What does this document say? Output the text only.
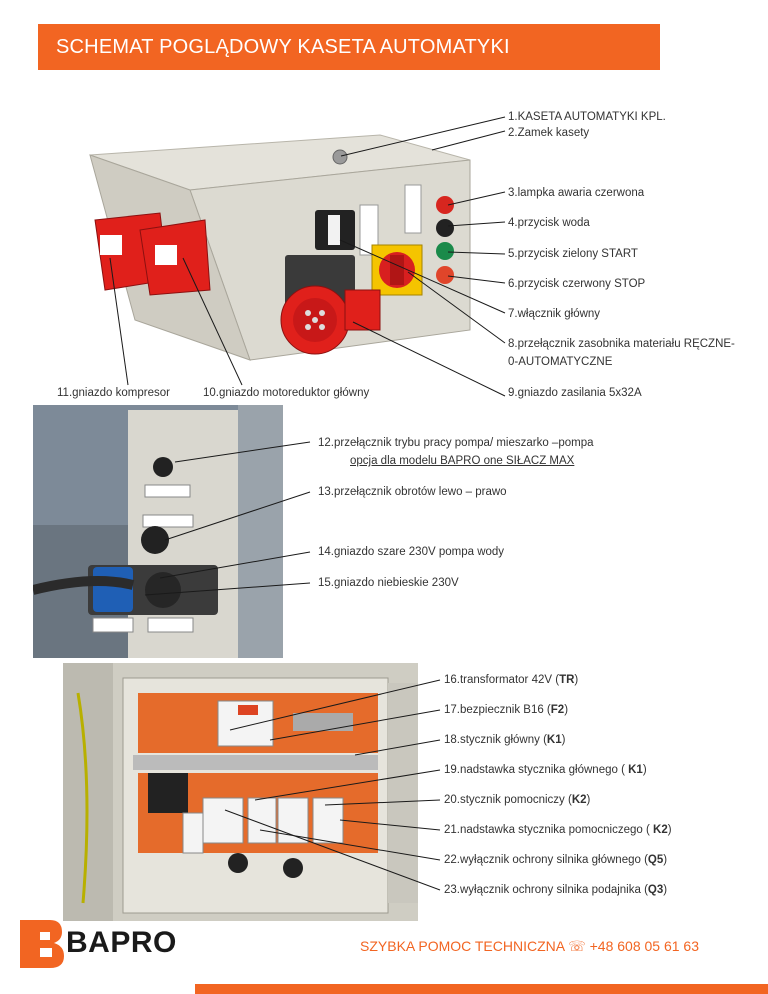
SCHEMAT POGLĄDOWY KASETA AUTOMATYKI
1.KASETA AUTOMATYKI KPL.
2.Zamek kasety
3.lampka awaria czerwona
4.przycisk woda
5.przycisk zielony START
6.przycisk czerwony STOP
7.włącznik główny
8.przełącznik zasobnika materiału RĘCZNE-
0-AUTOMATYCZNE
9.gniazdo zasilania 5x32A
10.gniazdo motoreduktor główny
11.gniazdo kompresor
12.przełącznik trybu pracy pompa/ mieszarko –pompa
opcja dla modelu BAPRO one SIŁACZ MAX
13.przełącznik obrotów lewo – prawo
14.gniazdo szare 230V pompa wody
15.gniazdo niebieskie 230V
16.transformator 42V (TR)
17.bezpiecznik B16 (F2)
18.stycznik główny (K1)
19.nadstawka stycznika głównego ( K1)
20.stycznik pomocniczy (K2)
21.nadstawka stycznika pomocniczego ( K2)
22.wyłącznik ochrony silnika głównego (Q5)
23.wyłącznik ochrony silnika podajnika (Q3)
BAPRO	SZYBKA POMOC TECHNICZNA ☏ +48 608 05 61 63
